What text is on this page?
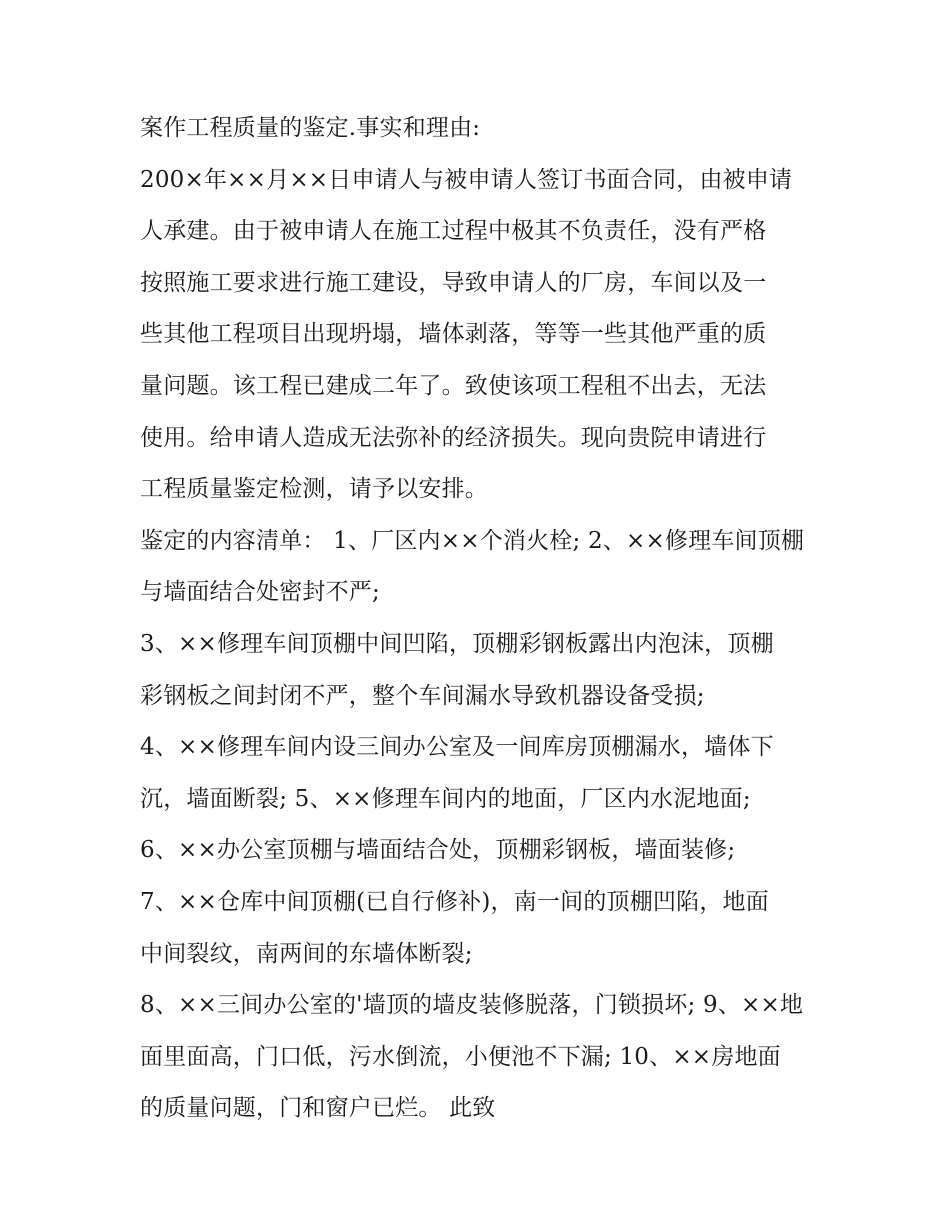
案作工程质量的鉴定.事实和理由:
200×年××月××日申请人与被申请人签订书面合同，由被申请
人承建。由于被申请人在施工过程中极其不负责任，没有严格
按照施工要求进行施工建设，导致申请人的厂房，车间以及一
些其他工程项目出现坍塌，墙体剥落，等等一些其他严重的质
量问题。该工程已建成二年了。致使该项工程租不出去，无法
使用。给申请人造成无法弥补的经济损失。现向贵院申请进行
工程质量鉴定检测，请予以安排。
鉴定的内容清单： 1、厂区内××个消火栓; 2、××修理车间顶棚
与墙面结合处密封不严;
3、××修理车间顶棚中间凹陷，顶棚彩钢板露出内泡沫，顶棚
彩钢板之间封闭不严，整个车间漏水导致机器设备受损;
4、××修理车间内设三间办公室及一间库房顶棚漏水，墙体下
沉，墙面断裂; 5、××修理车间内的地面，厂区内水泥地面;
6、××办公室顶棚与墙面结合处，顶棚彩钢板，墙面装修;
7、××仓库中间顶棚(已自行修补)，南一间的顶棚凹陷，地面
中间裂纹，南两间的东墙体断裂;
8、××三间办公室的'墙顶的墙皮装修脱落，门锁损坏; 9、××地
面里面高，门口低，污水倒流，小便池不下漏; 10、××房地面
的质量问题，门和窗户已烂。 此致
